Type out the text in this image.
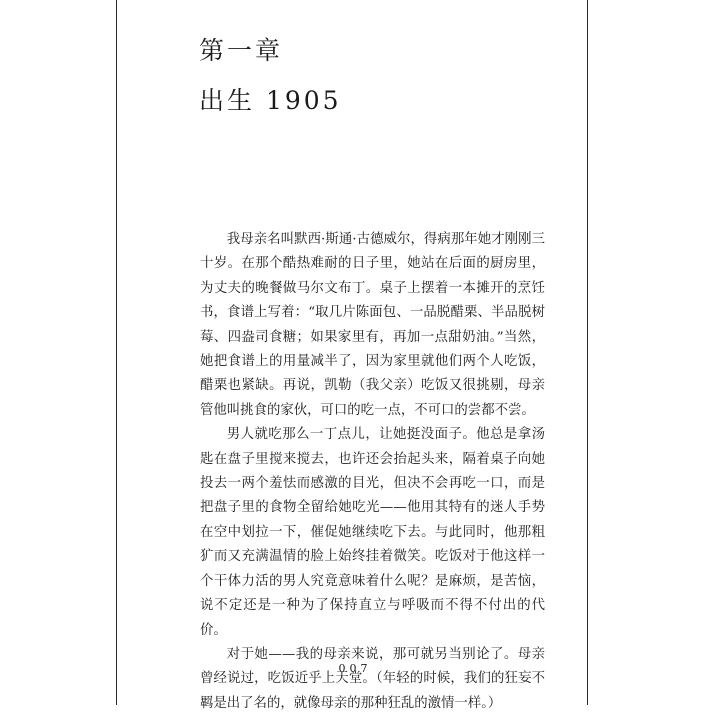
第一章
出生 1905

我母亲名叫默西·斯通·古德威尔，得病那年她才刚刚三十岁。在那个酷热难耐的日子里，她站在后面的厨房里，为丈夫的晚餐做马尔文布丁。桌子上摆着一本摊开的烹饪书，食谱上写着：“取几片陈面包、一品脱醋栗、半品脱树莓、四盎司食糖；如果家里有，再加一点甜奶油。”当然，她把食谱上的用量减半了，因为家里就他们两个人吃饭，醋栗也紧缺。再说，凯勒（我父亲）吃饭又很挑剔，母亲管他叫挑食的家伙，可口的吃一点，不可口的尝都不尝。

男人就吃那么一丁点儿，让她挺没面子。他总是拿汤匙在盘子里搅来搅去，也许还会抬起头来，隔着桌子向她投去一两个羞怯而感激的目光，但决不会再吃一口，而是把盘子里的食物全留给她吃光——他用其特有的迷人手势在空中划拉一下，催促她继续吃下去。与此同时，他那粗犷而又充满温情的脸上始终挂着微笑。吃饭对于他这样一个干体力活的男人究竟意味着什么呢？是麻烦，是苦恼，说不定还是一种为了保持直立与呼吸而不得不付出的代价。

对于她——我的母亲来说，那可就另当别论了。母亲曾经说过，吃饭近乎上天堂。（年轻的时候，我们的狂妄不羁是出了名的，就像母亲的那种狂乱的激情一样。）

007
